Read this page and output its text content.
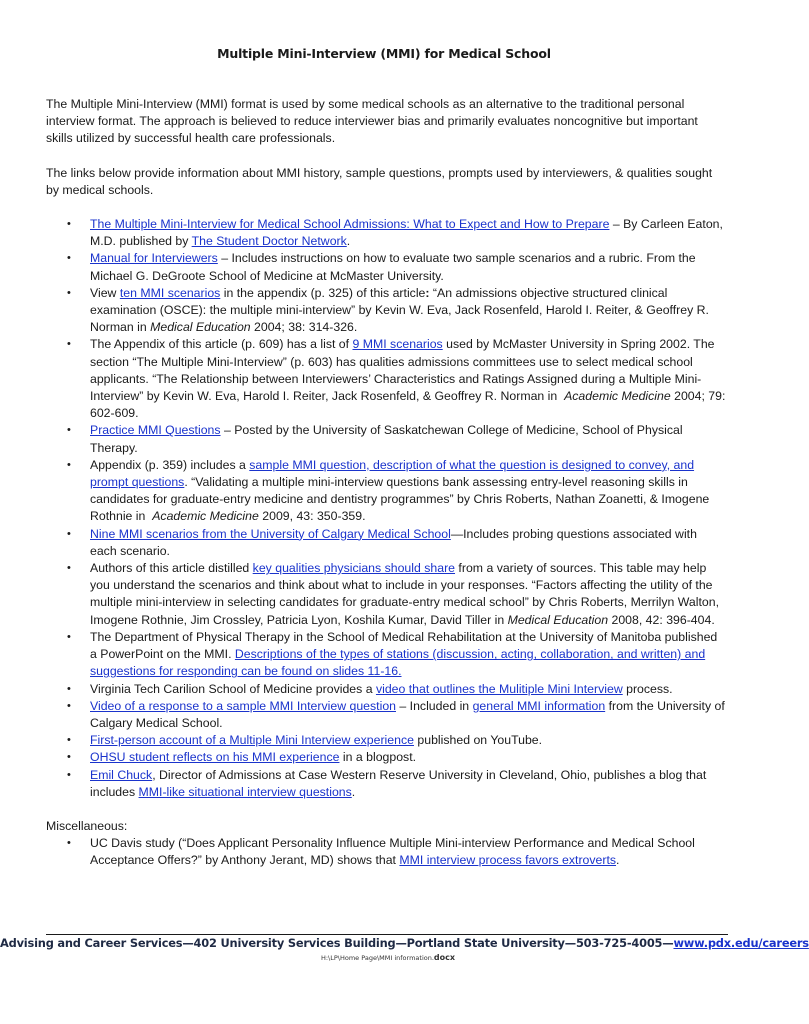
Multiple Mini-Interview (MMI) for Medical School

The Multiple Mini-Interview (MMI) format is used by some medical schools as an alternative to the traditional personal interview format. The approach is believed to reduce interviewer bias and primarily evaluates noncognitive but important skills utilized by successful health care professionals.

The links below provide information about MMI history, sample questions, prompts used by interviewers, & qualities sought by medical schools.

• The Multiple Mini-Interview for Medical School Admissions: What to Expect and How to Prepare – By Carleen Eaton, M.D. published by The Student Doctor Network.
• Manual for Interviewers – Includes instructions on how to evaluate two sample scenarios and a rubric. From the Michael G. DeGroote School of Medicine at McMaster University.
• View ten MMI scenarios in the appendix (p. 325) of this article: “An admissions objective structured clinical examination (OSCE): the multiple mini-interview” by Kevin W. Eva, Jack Rosenfeld, Harold I. Reiter, & Geoffrey R. Norman in Medical Education 2004; 38: 314-326.
• The Appendix of this article (p. 609) has a list of 9 MMI scenarios used by McMaster University in Spring 2002. The section “The Multiple Mini-Interview” (p. 603) has qualities admissions committees use to select medical school applicants. “The Relationship between Interviewers’ Characteristics and Ratings Assigned during a Multiple Mini-Interview” by Kevin W. Eva, Harold I. Reiter, Jack Rosenfeld, & Geoffrey R. Norman in  Academic Medicine 2004; 79: 602-609.
• Practice MMI Questions – Posted by the University of Saskatchewan College of Medicine, School of Physical Therapy.
• Appendix (p. 359) includes a sample MMI question, description of what the question is designed to convey, and prompt questions. “Validating a multiple mini-interview questions bank assessing entry-level reasoning skills in candidates for graduate-entry medicine and dentistry programmes” by Chris Roberts, Nathan Zoanetti, & Imogene Rothnie in  Academic Medicine 2009, 43: 350-359.
• Nine MMI scenarios from the University of Calgary Medical School—Includes probing questions associated with each scenario.
• Authors of this article distilled key qualities physicians should share from a variety of sources. This table may help you understand the scenarios and think about what to include in your responses. “Factors affecting the utility of the multiple mini-interview in selecting candidates for graduate-entry medical school” by Chris Roberts, Merrilyn Walton, Imogene Rothnie, Jim Crossley, Patricia Lyon, Koshila Kumar, David Tiller in Medical Education 2008, 42: 396-404.
• The Department of Physical Therapy in the School of Medical Rehabilitation at the University of Manitoba published a PowerPoint on the MMI. Descriptions of the types of stations (discussion, acting, collaboration, and written) and suggestions for responding can be found on slides 11-16.
• Virginia Tech Carilion School of Medicine provides a video that outlines the Mulitiple Mini Interview process.
• Video of a response to a sample MMI Interview question – Included in general MMI information from the University of Calgary Medical School.
• First-person account of a Multiple Mini Interview experience published on YouTube.
• OHSU student reflects on his MMI experience in a blogpost.
• Emil Chuck, Director of Admissions at Case Western Reserve University in Cleveland, Ohio, publishes a blog that includes MMI-like situational interview questions.

Miscellaneous:

• UC Davis study (“Does Applicant Personality Influence Multiple Mini-interview Performance and Medical School Acceptance Offers?” by Anthony Jerant, MD) shows that MMI interview process favors extroverts.
Advising and Career Services—402 University Services Building—Portland State University—503-725-4005—www.pdx.edu/careers
H:\LP\Home Page\MMI information.docx
